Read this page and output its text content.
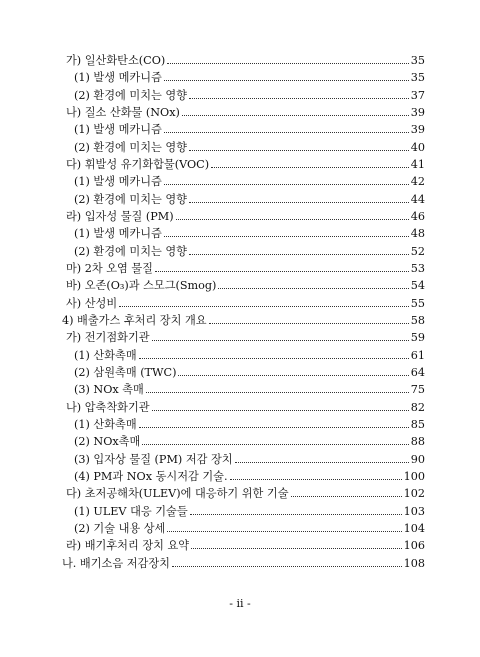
가) 일산화탄소(CO)	35
(1) 발생 메카니즘	35
(2) 환경에 미치는 영향	37
나) 질소 산화물 (NOx)	39
(1) 발생 메카니즘	39
(2) 환경에 미치는 영향	40
다) 휘발성 유기화합물(VOC)	41
(1) 발생 메카니즘	42
(2) 환경에 미치는 영향	44
라) 입자성 물질 (PM)	46
(1) 발생 메카니즘	48
(2) 환경에 미치는 영향	52
마) 2차 오염 물질	53
바) 오존(O₃)과 스모그(Smog)	54
사) 산성비	55
4) 배출가스 후처리 장치 개요	58
가) 전기점화기관	59
(1) 산화촉매	61
(2) 삼원촉매 (TWC)	64
(3) NOx 촉매	75
나) 압축착화기관	82
(1) 산화촉매	85
(2) NOx촉매	88
(3) 입자상 물질 (PM) 저감 장치	90
(4) PM과 NOx 동시저감 기술.	100
다) 초저공해차(ULEV)에 대응하기 위한 기술	102
(1) ULEV 대응 기술들	103
(2) 기술 내용 상세	104
라) 배기후처리 장치 요약	106
나. 배기소음 저감장치	108
- ii -
